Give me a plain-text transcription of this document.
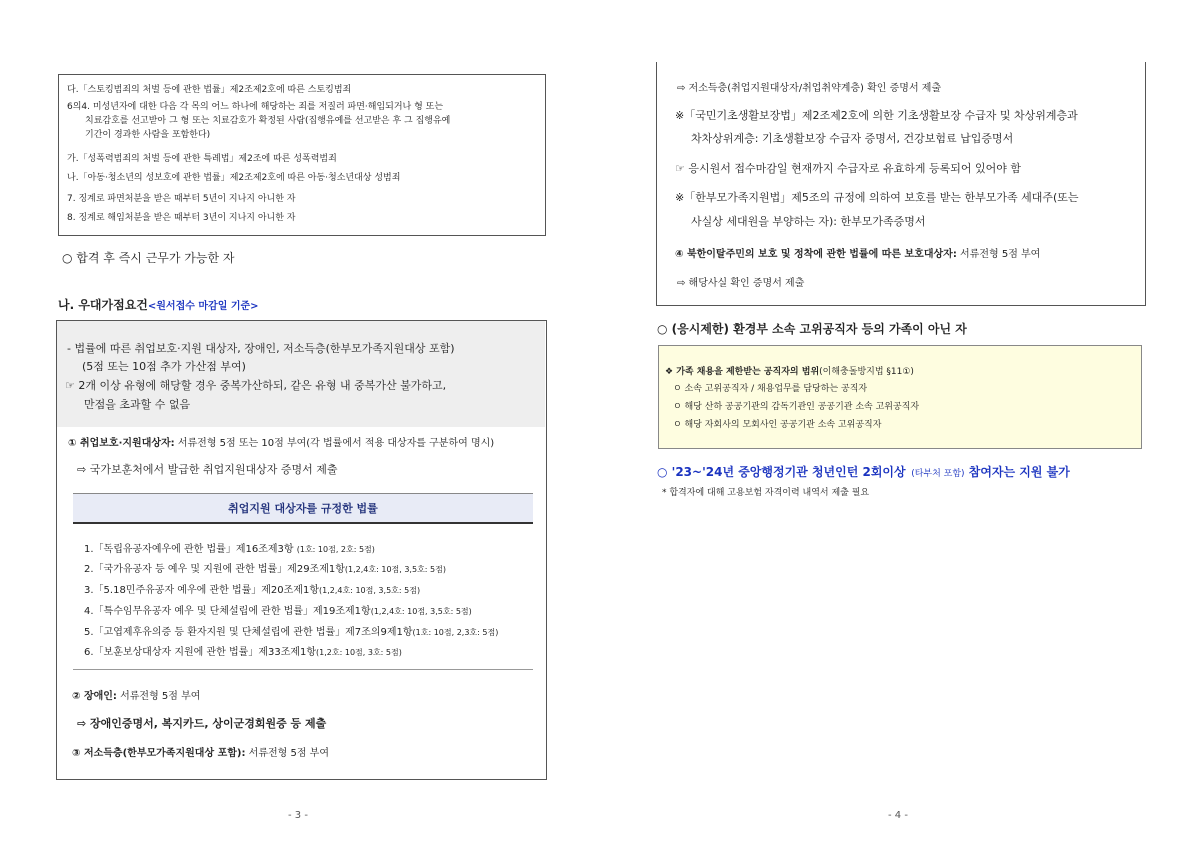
다.「스토킹범죄의 처벌 등에 관한 법률」제2조제2호에 따른 스토킹범죄
6의4. 미성년자에 대한 다음 각 목의 어느 하나에 해당하는 죄를 저질러 파면·해임되거나 형 또는
치료감호를 선고받아 그 형 또는 치료감호가 확정된 사람(집행유예를 선고받은 후 그 집행유예
기간이 경과한 사람을 포함한다)
가.「성폭력범죄의 처벌 등에 관한 특례법」제2조에 따른 성폭력범죄
나.「아동·청소년의 성보호에 관한 법률」제2조제2호에 따른 아동·청소년대상 성범죄
7. 징계로 파면처분을 받은 때부터 5년이 지나지 아니한 자
8. 징계로 해임처분을 받은 때부터 3년이 지나지 아니한 자
○ 합격 후 즉시 근무가 가능한 자
나. 우대가점요건<원서접수 마감일 기준>
- 법률에 따른 취업보호·지원 대상자, 장애인, 저소득층(한부모가족지원대상 포함)
(5점 또는 10점 추가 가산점 부여)
☞ 2개 이상 유형에 해당할 경우 중복가산하되, 같은 유형 내 중복가산 불가하고,
만점을 초과할 수 없음
① 취업보호·지원대상자: 서류전형 5점 또는 10점 부여(각 법률에서 적용 대상자를 구분하여 명시)
⇨ 국가보훈처에서 발급한 취업지원대상자 증명서 제출
취업지원 대상자를 규정한 법률
1.「독립유공자예우에 관한 법률」제16조제3항 (1호: 10점, 2호: 5점)
2.「국가유공자 등 예우 및 지원에 관한 법률」제29조제1항(1,2,4호: 10점, 3,5호: 5점)
3.「5.18민주유공자 예우에 관한 법률」제20조제1항(1,2,4호: 10점, 3,5호: 5점)
4.「특수임무유공자 예우 및 단체설립에 관한 법률」제19조제1항(1,2,4호: 10점, 3,5호: 5점)
5.「고엽제후유의증 등 환자지원 및 단체설립에 관한 법률」제7조의9제1항(1호: 10점, 2,3호: 5점)
6.「보훈보상대상자 지원에 관한 법률」제33조제1항(1,2호: 10점, 3호: 5점)
② 장애인: 서류전형 5점 부여
⇨ 장애인증명서, 복지카드, 상이군경회원증 등 제출
③ 저소득층(한부모가족지원대상 포함): 서류전형 5점 부여
- 3 -
⇨ 저소득층(취업지원대상자/취업취약계층) 확인 증명서 제출
※「국민기초생활보장법」제2조제2호에 의한 기초생활보장 수급자 및 차상위계층과
차차상위계층: 기초생활보장 수급자 증명서, 건강보험료 납입증명서
☞ 응시원서 접수마감일 현재까지 수급자로 유효하게 등록되어 있어야 함
※「한부모가족지원법」제5조의 규정에 의하여 보호를 받는 한부모가족 세대주(또는
사실상 세대원을 부양하는 자): 한부모가족증명서
④ 북한이탈주민의 보호 및 정착에 관한 법률에 따른 보호대상자: 서류전형 5점 부여
⇨ 해당사실 확인 증명서 제출
○ (응시제한) 환경부 소속 고위공직자 등의 가족이 아닌 자
❖ 가족 채용을 제한받는 공직자의 범위(이해충돌방지법 §11①)
ㅇ 소속 고위공직자 / 채용업무를 담당하는 공직자
ㅇ 해당 산하 공공기관의 감독기관인 공공기관 소속 고위공직자
ㅇ 해당 자회사의 모회사인 공공기관 소속 고위공직자
○ '23~'24년 중앙행정기관 청년인턴 2회이상 (타부처 포함) 참여자는 지원 불가
* 합격자에 대해 고용보험 자격이력 내역서 제출 필요
- 4 -
